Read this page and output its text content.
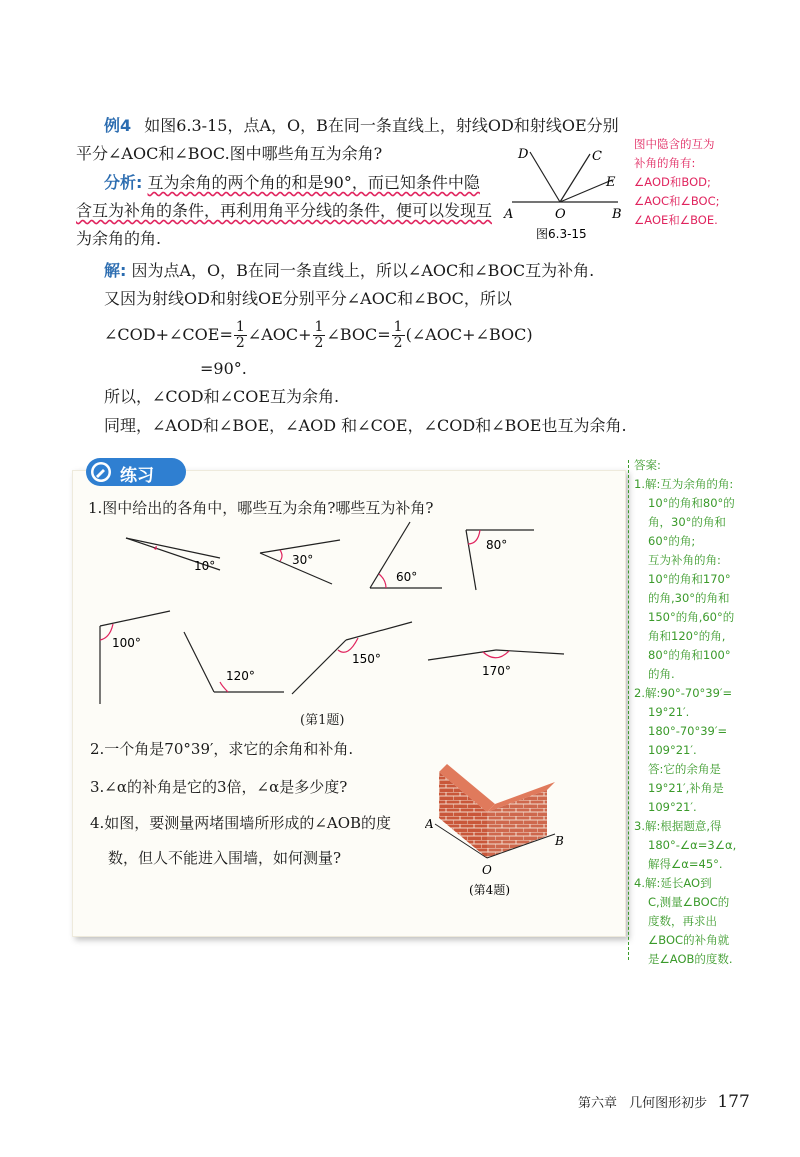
例4 如图6.3-15，点A，O，B在同一条直线上，射线OD和射线OE分别
平分∠AOC和∠BOC.图中哪些角互为余角?
分析: 互为余角的两个角的和是90°，而已知条件中隐
含互为补角的条件，再利用角平分线的条件，便可以发现互
为余角的角.
D	C
E
A	O	B
图6.3-15
图中隐含的互为
补角的角有:
∠AOD和BOD;
∠AOC和∠BOC;
∠AOE和∠BOE.
解: 因为点A，O，B在同一条直线上，所以∠AOC和∠BOC互为补角.
又因为射线OD和射线OE分别平分∠AOC和∠BOC，所以
∠COD+∠COE= $\frac{1}{2}$ ∠AOC+ $\frac{1}{2}$ ∠BOC= $\frac{1}{2}$ (∠AOC+∠BOC)
=90°.
所以，∠COD和∠COE互为余角.
同理，∠AOD和∠BOE，∠AOD 和∠COE，∠COD和∠BOE也互为余角.
练习
1.图中给出的各角中，哪些互为余角?哪些互为补角?
10°	30°
60°
80°
100°
120°
150°
170°
(第1题)
2.一个角是70°39′，求它的余角和补角.
3.∠α的补角是它的3倍，∠α是多少度?
4.如图，要测量两堵围墙所形成的∠AOB的度
数，但人不能进入围墙，如何测量?
A
B
O
(第4题)
答案:
1.解:互为余角的角:
10°的角和80°的
角，30°的角和
60°的角;
互为补角的角:
10°的角和170°
的角,30°的角和
150°的角,60°的
角和120°的角,
80°的角和100°
的角.
2.解:90°-70°39′=
19°21′.
180°-70°39′=
109°21′.
答:它的余角是
19°21′,补角是
109°21′.
3.解:根据题意,得
180°-∠α=3∠α,
解得∠α=45°.
4.解:延长AO到
C,测量∠BOC的
度数，再求出
∠BOC的补角就
是∠AOB的度数.
第六章 几何图形初步 177
